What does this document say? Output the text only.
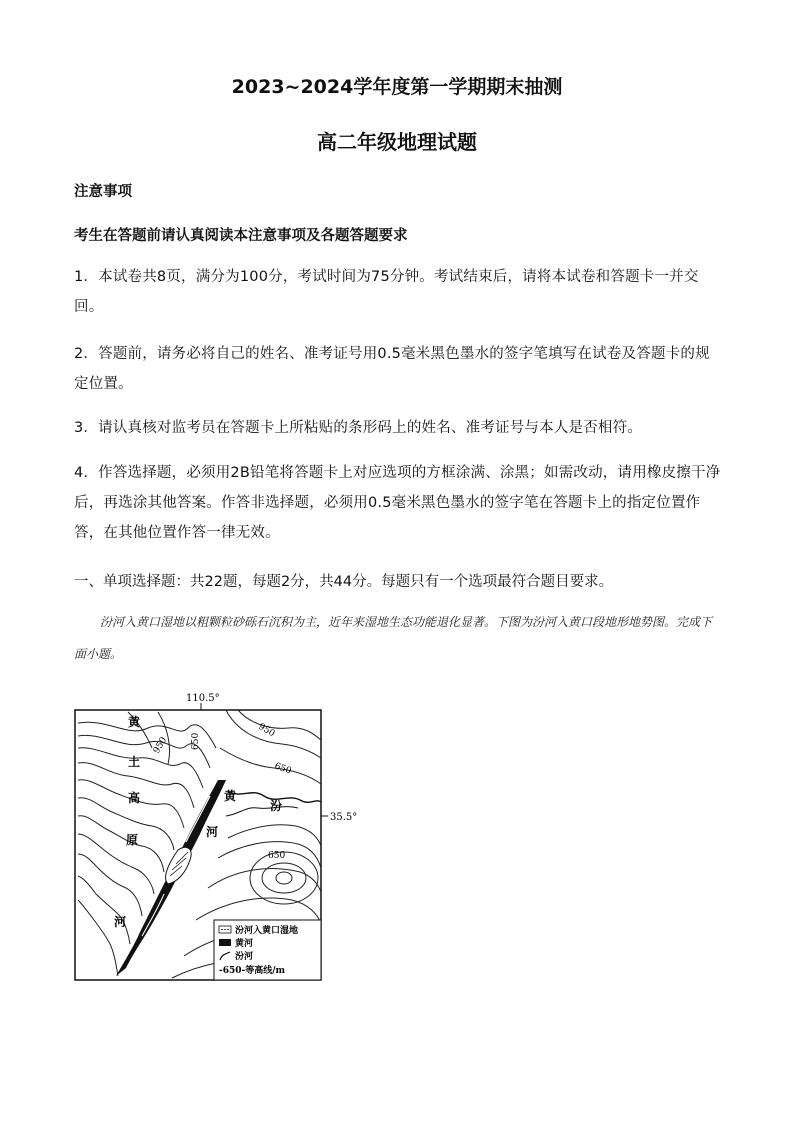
2023~2024学年度第一学期期末抽测
高二年级地理试题
注意事项
考生在答题前请认真阅读本注意事项及各题答题要求
1．本试卷共8页，满分为100分，考试时间为75分钟。考试结束后，请将本试卷和答题卡一并交回。
2．答题前，请务必将自己的姓名、准考证号用0.5毫米黑色墨水的签字笔填写在试卷及答题卡的规定位置。
3．请认真核对监考员在答题卡上所粘贴的条形码上的姓名、准考证号与本人是否相符。
4．作答选择题，必须用2B铅笔将答题卡上对应选项的方框涂满、涂黑；如需改动，请用橡皮擦干净后，再选涂其他答案。作答非选择题，必须用0.5毫米黑色墨水的签字笔在答题卡上的指定位置作答，在其他位置作答一律无效。
一、单项选择题：共22题，每题2分，共44分。每题只有一个选项最符合题目要求。
汾河入黄口湿地以粗颗粒砂砾石沉积为主，近年来湿地生态功能退化显著。下图为汾河入黄口段地形地势图。完成下面小题。
110.5°
35.5°
950 650
950
650
650
黄
土
高
原
黄
河
汾
河
汾河入黄口湿地
黄河
汾河
-650-等高线/m
